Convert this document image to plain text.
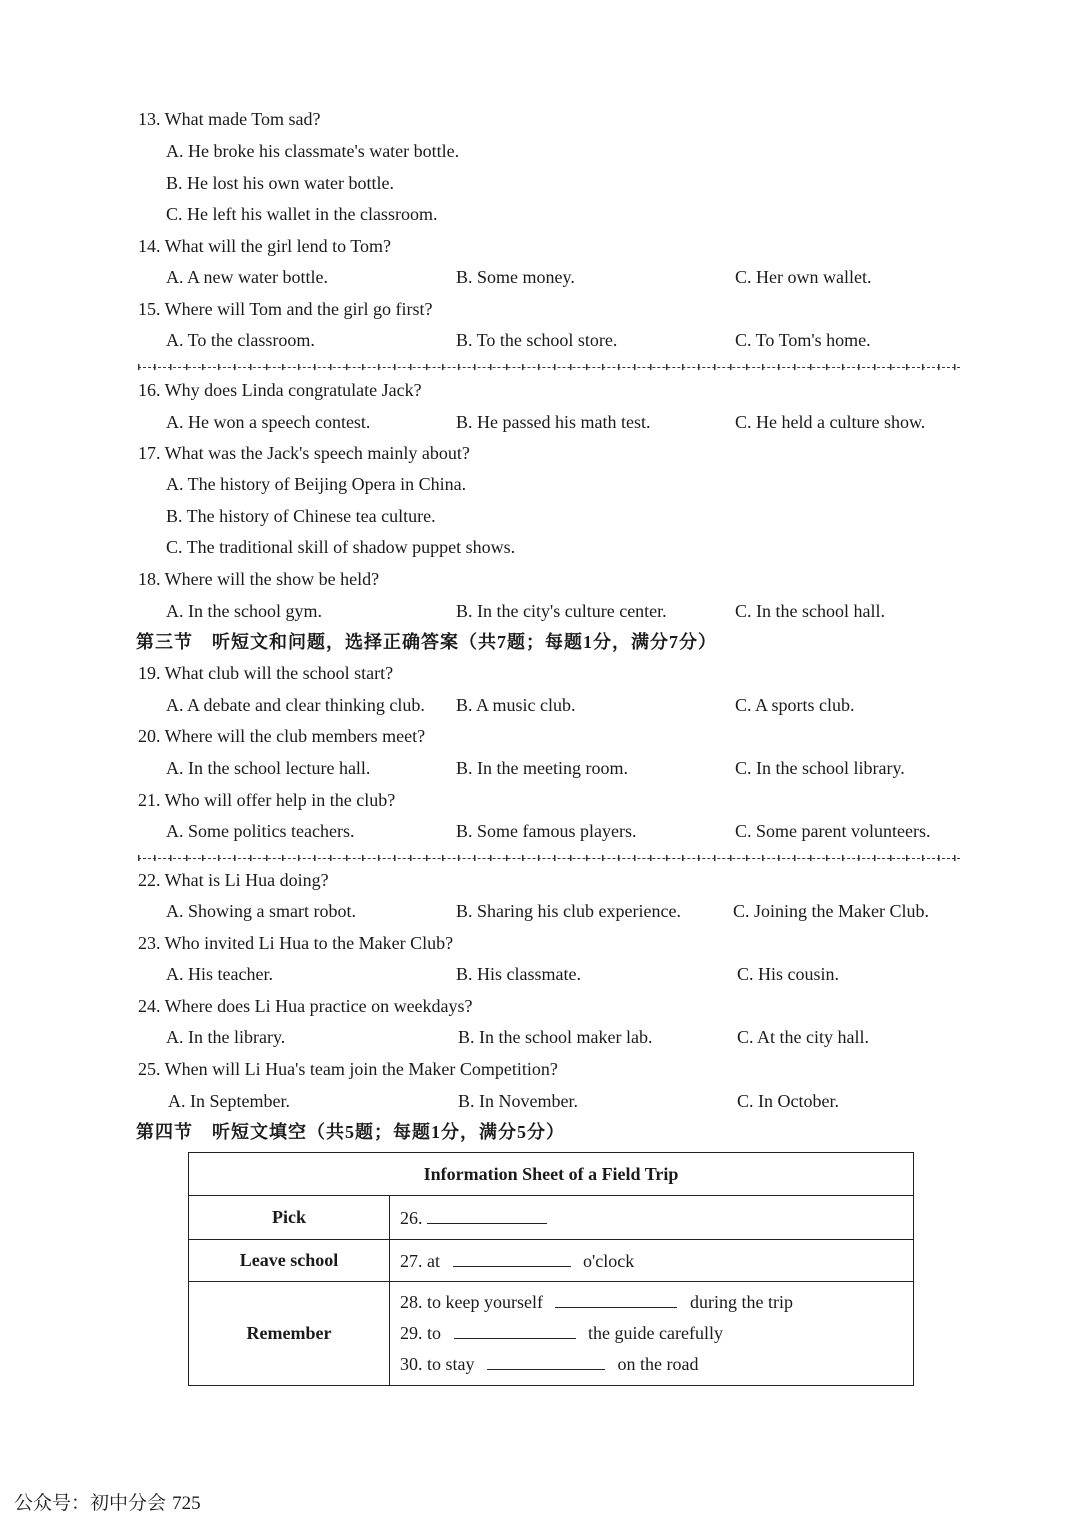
13. What made Tom sad?
A. He broke his classmate's water bottle.
B. He lost his own water bottle.
C. He left his wallet in the classroom.
14. What will the girl lend to Tom?
A. A new water bottle.	B. Some money.	C. Her own wallet.
15. Where will Tom and the girl go first?
A. To the classroom.	B. To the school store.	C. To Tom's home.
16. Why does Linda congratulate Jack?
A. He won a speech contest.	B. He passed his math test.	C. He held a culture show.
17. What was the Jack's speech mainly about?
A. The history of Beijing Opera in China.
B. The history of Chinese tea culture.
C. The traditional skill of shadow puppet shows.
18. Where will the show be held?
A. In the school gym.	B. In the city's culture center.	C. In the school hall.
第三节　听短文和问题，选择正确答案（共7题；每题1分，满分7分）
19. What club will the school start?
A. A debate and clear thinking club. B. A music club.	C. A sports club.
20. Where will the club members meet?
A. In the school lecture hall.	B. In the meeting room.	C. In the school library.
21. Who will offer help in the club?
A. Some politics teachers.	B. Some famous players.	C. Some parent volunteers.
22. What is Li Hua doing?
A. Showing a smart robot.	B. Sharing his club experience.	C. Joining the Maker Club.
23. Who invited Li Hua to the Maker Club?
A. His teacher.	B. His classmate.	C. His cousin.
24. Where does Li Hua practice on weekdays?
A. In the library.	B. In the school maker lab.	C. At the city hall.
25. When will Li Hua's team join the Maker Competition?
A. In September.	B. In November.	C. In October.
第四节　听短文填空（共5题；每题1分，满分5分）
Information Sheet of a Field Trip	
Pick	26.
Leave school	27. at o'clock
Remember	28. to keep yourself during the trip
29. to the guide carefully
30. to stay on the road
公众号：初中分会 725
